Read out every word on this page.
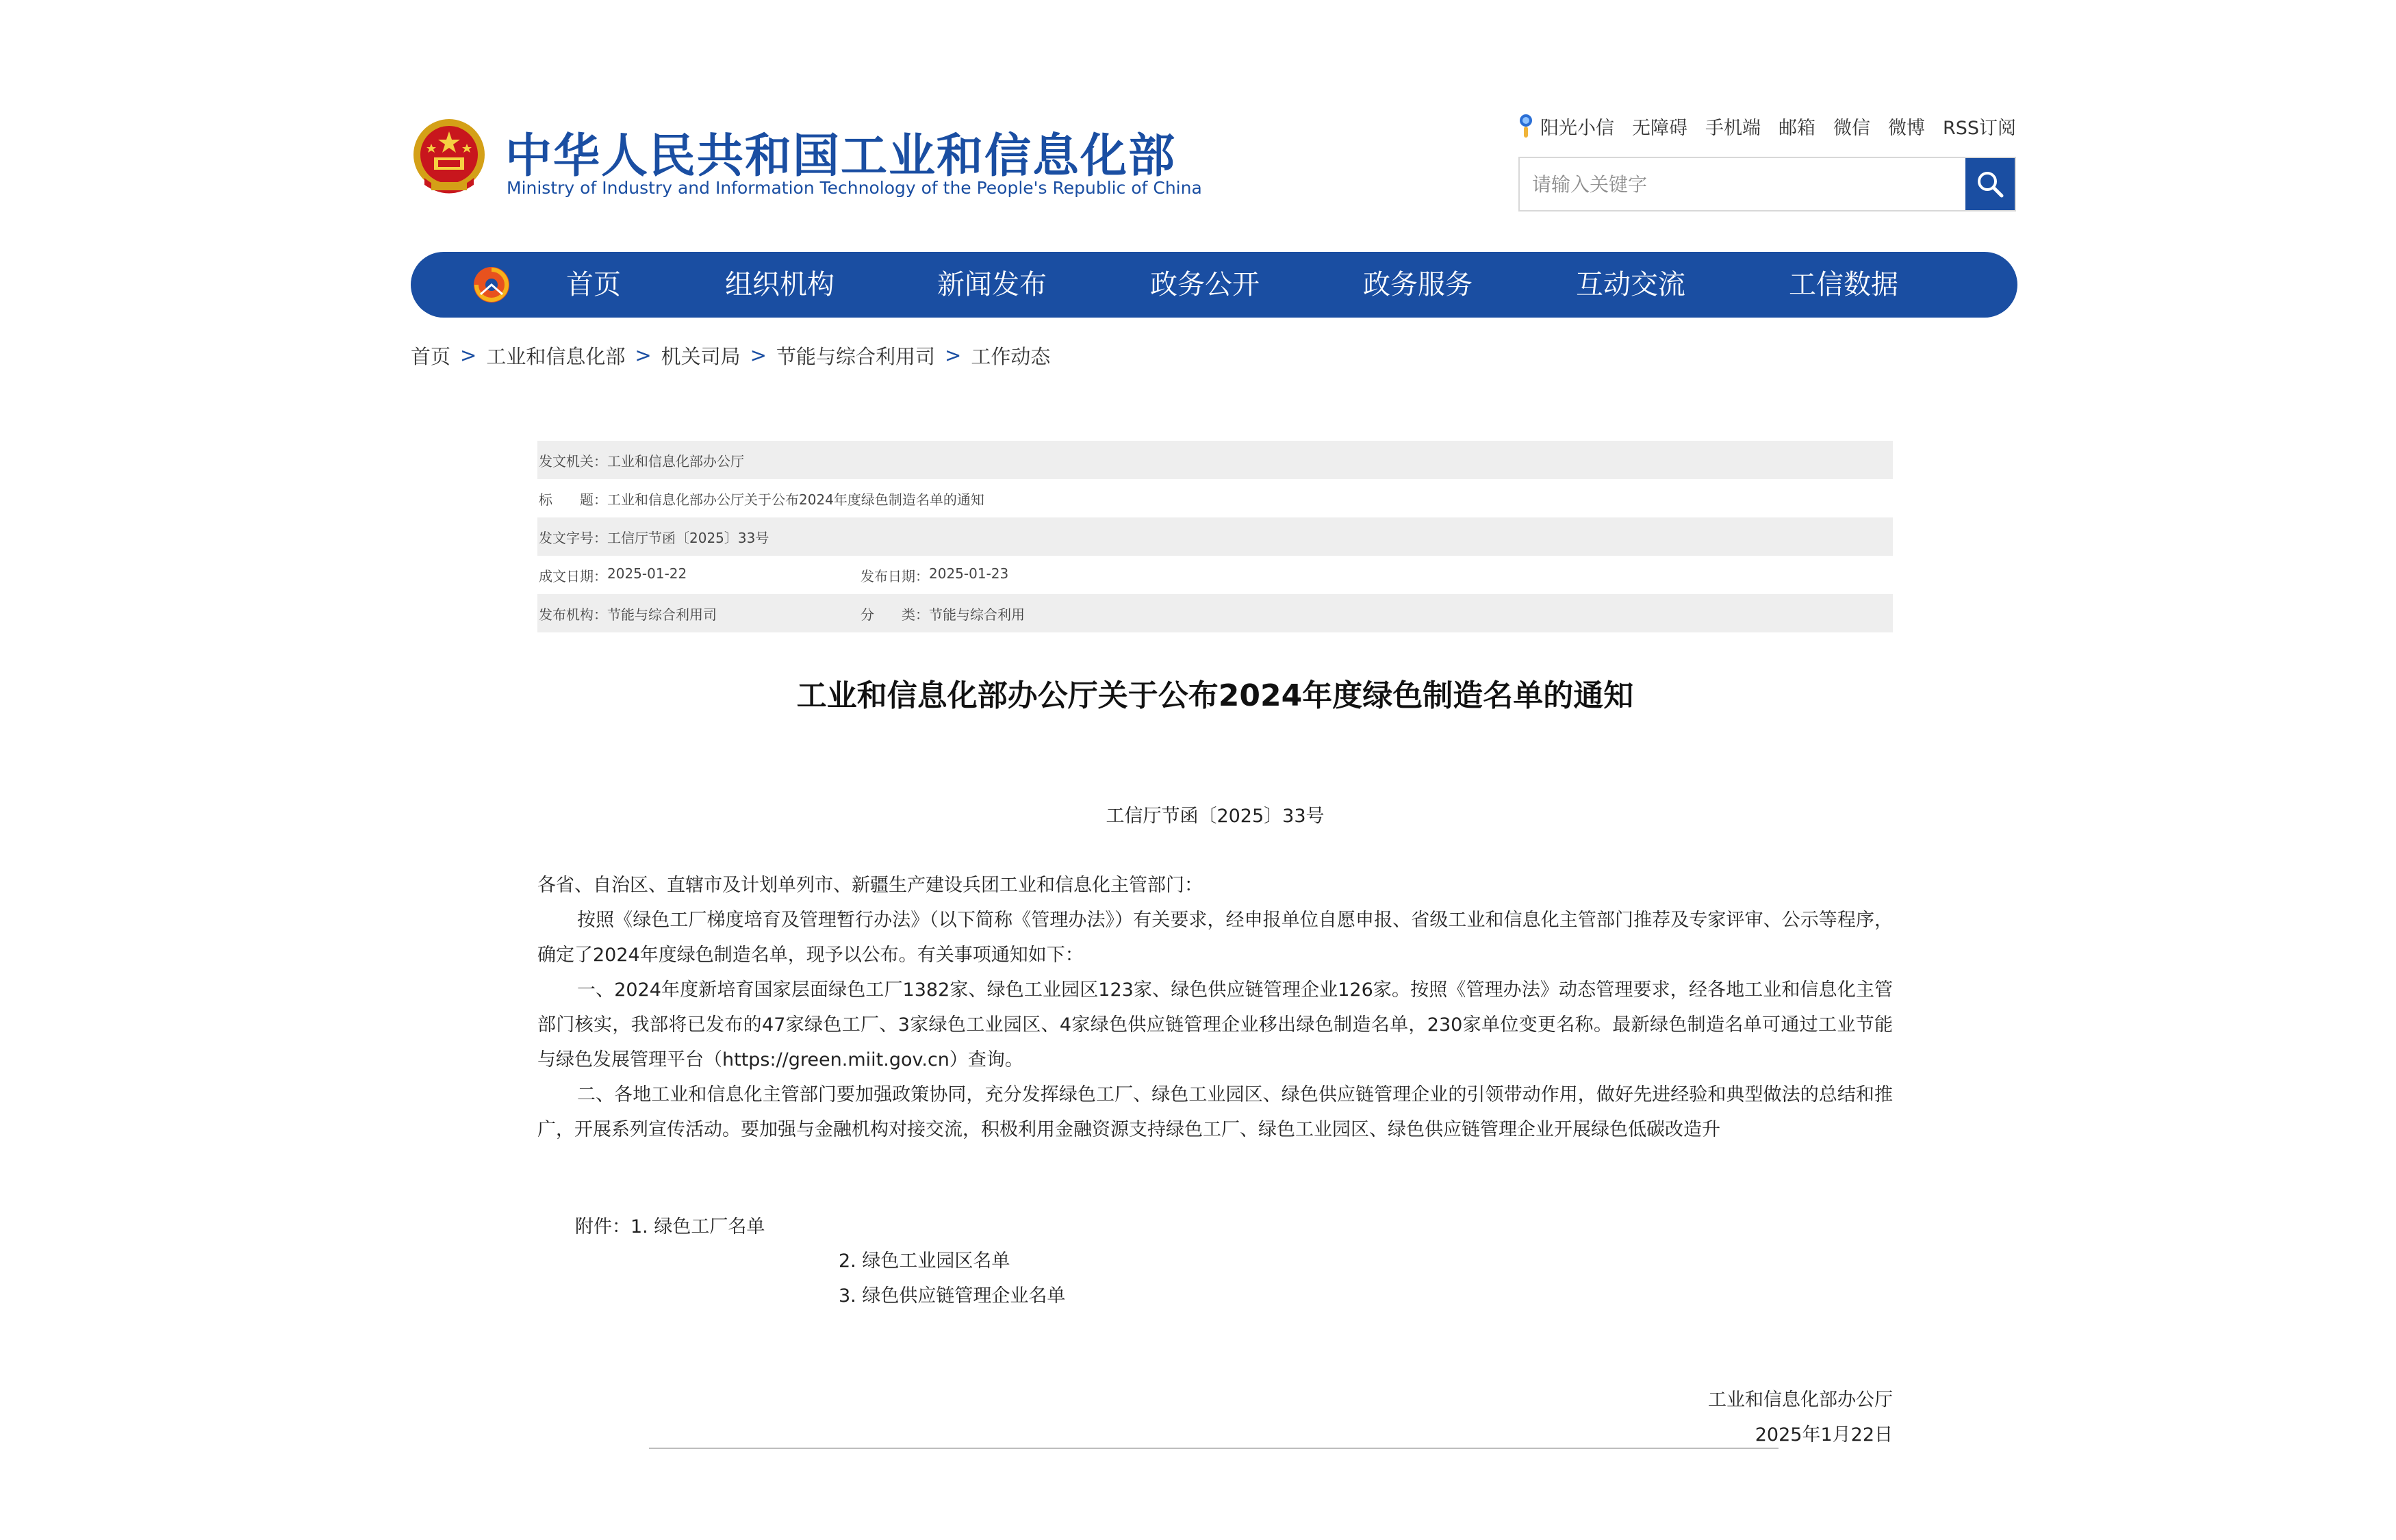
中华人民共和国工业和信息化部
Ministry of Industry and Information Technology of the People's Republic of China
阳光小信 无障碍 手机端 邮箱 微信 微博 RSS订阅
请输入关键字
首页	组织机构	新闻发布	政务公开	政务服务	互动交流	工信数据
首页 > 工业和信息化部 > 机关司局 > 节能与综合利用司 > 工作动态
发文机关： 工业和信息化部办公厅
标　　题： 工业和信息化部办公厅关于公布2024年度绿色制造名单的通知
发文字号： 工信厅节函〔2025〕33号
成文日期： 2025-01-22	发布日期： 2025-01-23
发布机构： 节能与综合利用司	分　　类： 节能与综合利用
工业和信息化部办公厅关于公布2024年度绿色制造名单的通知
工信厅节函〔2025〕33号

各省、自治区、直辖市及计划单列市、新疆生产建设兵团工业和信息化主管部门：

按照《绿色工厂梯度培育及管理暂行办法》（以下简称《管理办法》）有关要求，经申报单位自愿申报、省级工业和信息化主管部门推荐及专家评审、公示等程序，确定了2024年度绿色制造名单，现予以公布。有关事项通知如下：

一、2024年度新培育国家层面绿色工厂1382家、绿色工业园区123家、绿色供应链管理企业126家。按照《管理办法》动态管理要求，经各地工业和信息化主管部门核实，我部将已发布的47家绿色工厂、3家绿色工业园区、4家绿色供应链管理企业移出绿色制造名单，230家单位变更名称。最新绿色制造名单可通过工业节能与绿色发展管理平台（https://green.miit.gov.cn）查询。

二、各地工业和信息化主管部门要加强政策协同，充分发挥绿色工厂、绿色工业园区、绿色供应链管理企业的引领带动作用，做好先进经验和典型做法的总结和推广，开展系列宣传活动。要加强与金融机构对接交流，积极利用金融资源支持绿色工厂、绿色工业园区、绿色供应链管理企业开展绿色低碳改造升

附件：1. 绿色工厂名单
2. 绿色工业园区名单
3. 绿色供应链管理企业名单
工业和信息化部办公厅
2025年1月22日
